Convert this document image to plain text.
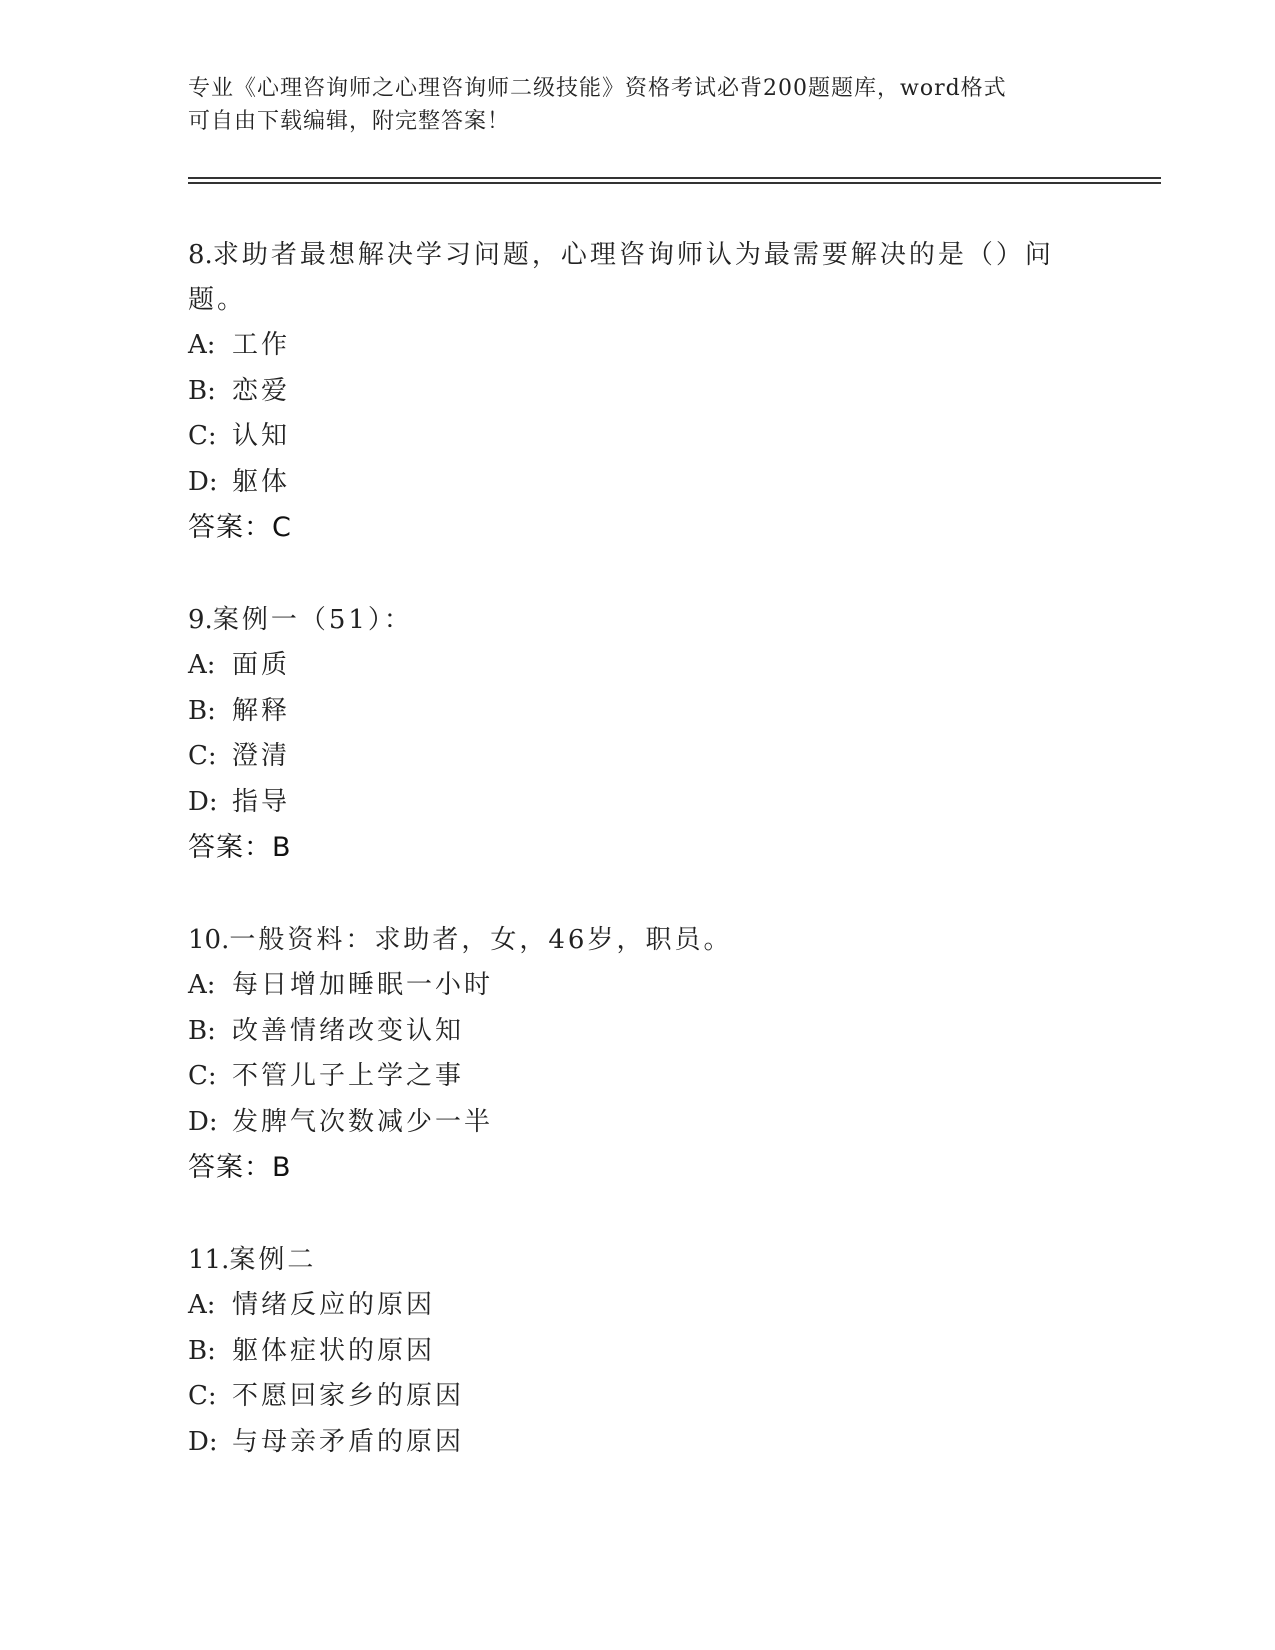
专业《心理咨询师之心理咨询师二级技能》资格考试必背200题题库，word格式
可自由下载编辑，附完整答案！
8.求助者最想解决学习问题，心理咨询师认为最需要解决的是（）问题。
A: 工作
B: 恋爱
C: 认知
D: 躯体
答案：C
9.案例一（51）：
A: 面质
B: 解释
C: 澄清
D: 指导
答案：B
10.一般资料：求助者，女，46岁，职员。
A: 每日增加睡眠一小时
B: 改善情绪改变认知
C: 不管儿子上学之事
D: 发脾气次数减少一半
答案：B
11.案例二
A: 情绪反应的原因
B: 躯体症状的原因
C: 不愿回家乡的原因
D: 与母亲矛盾的原因
